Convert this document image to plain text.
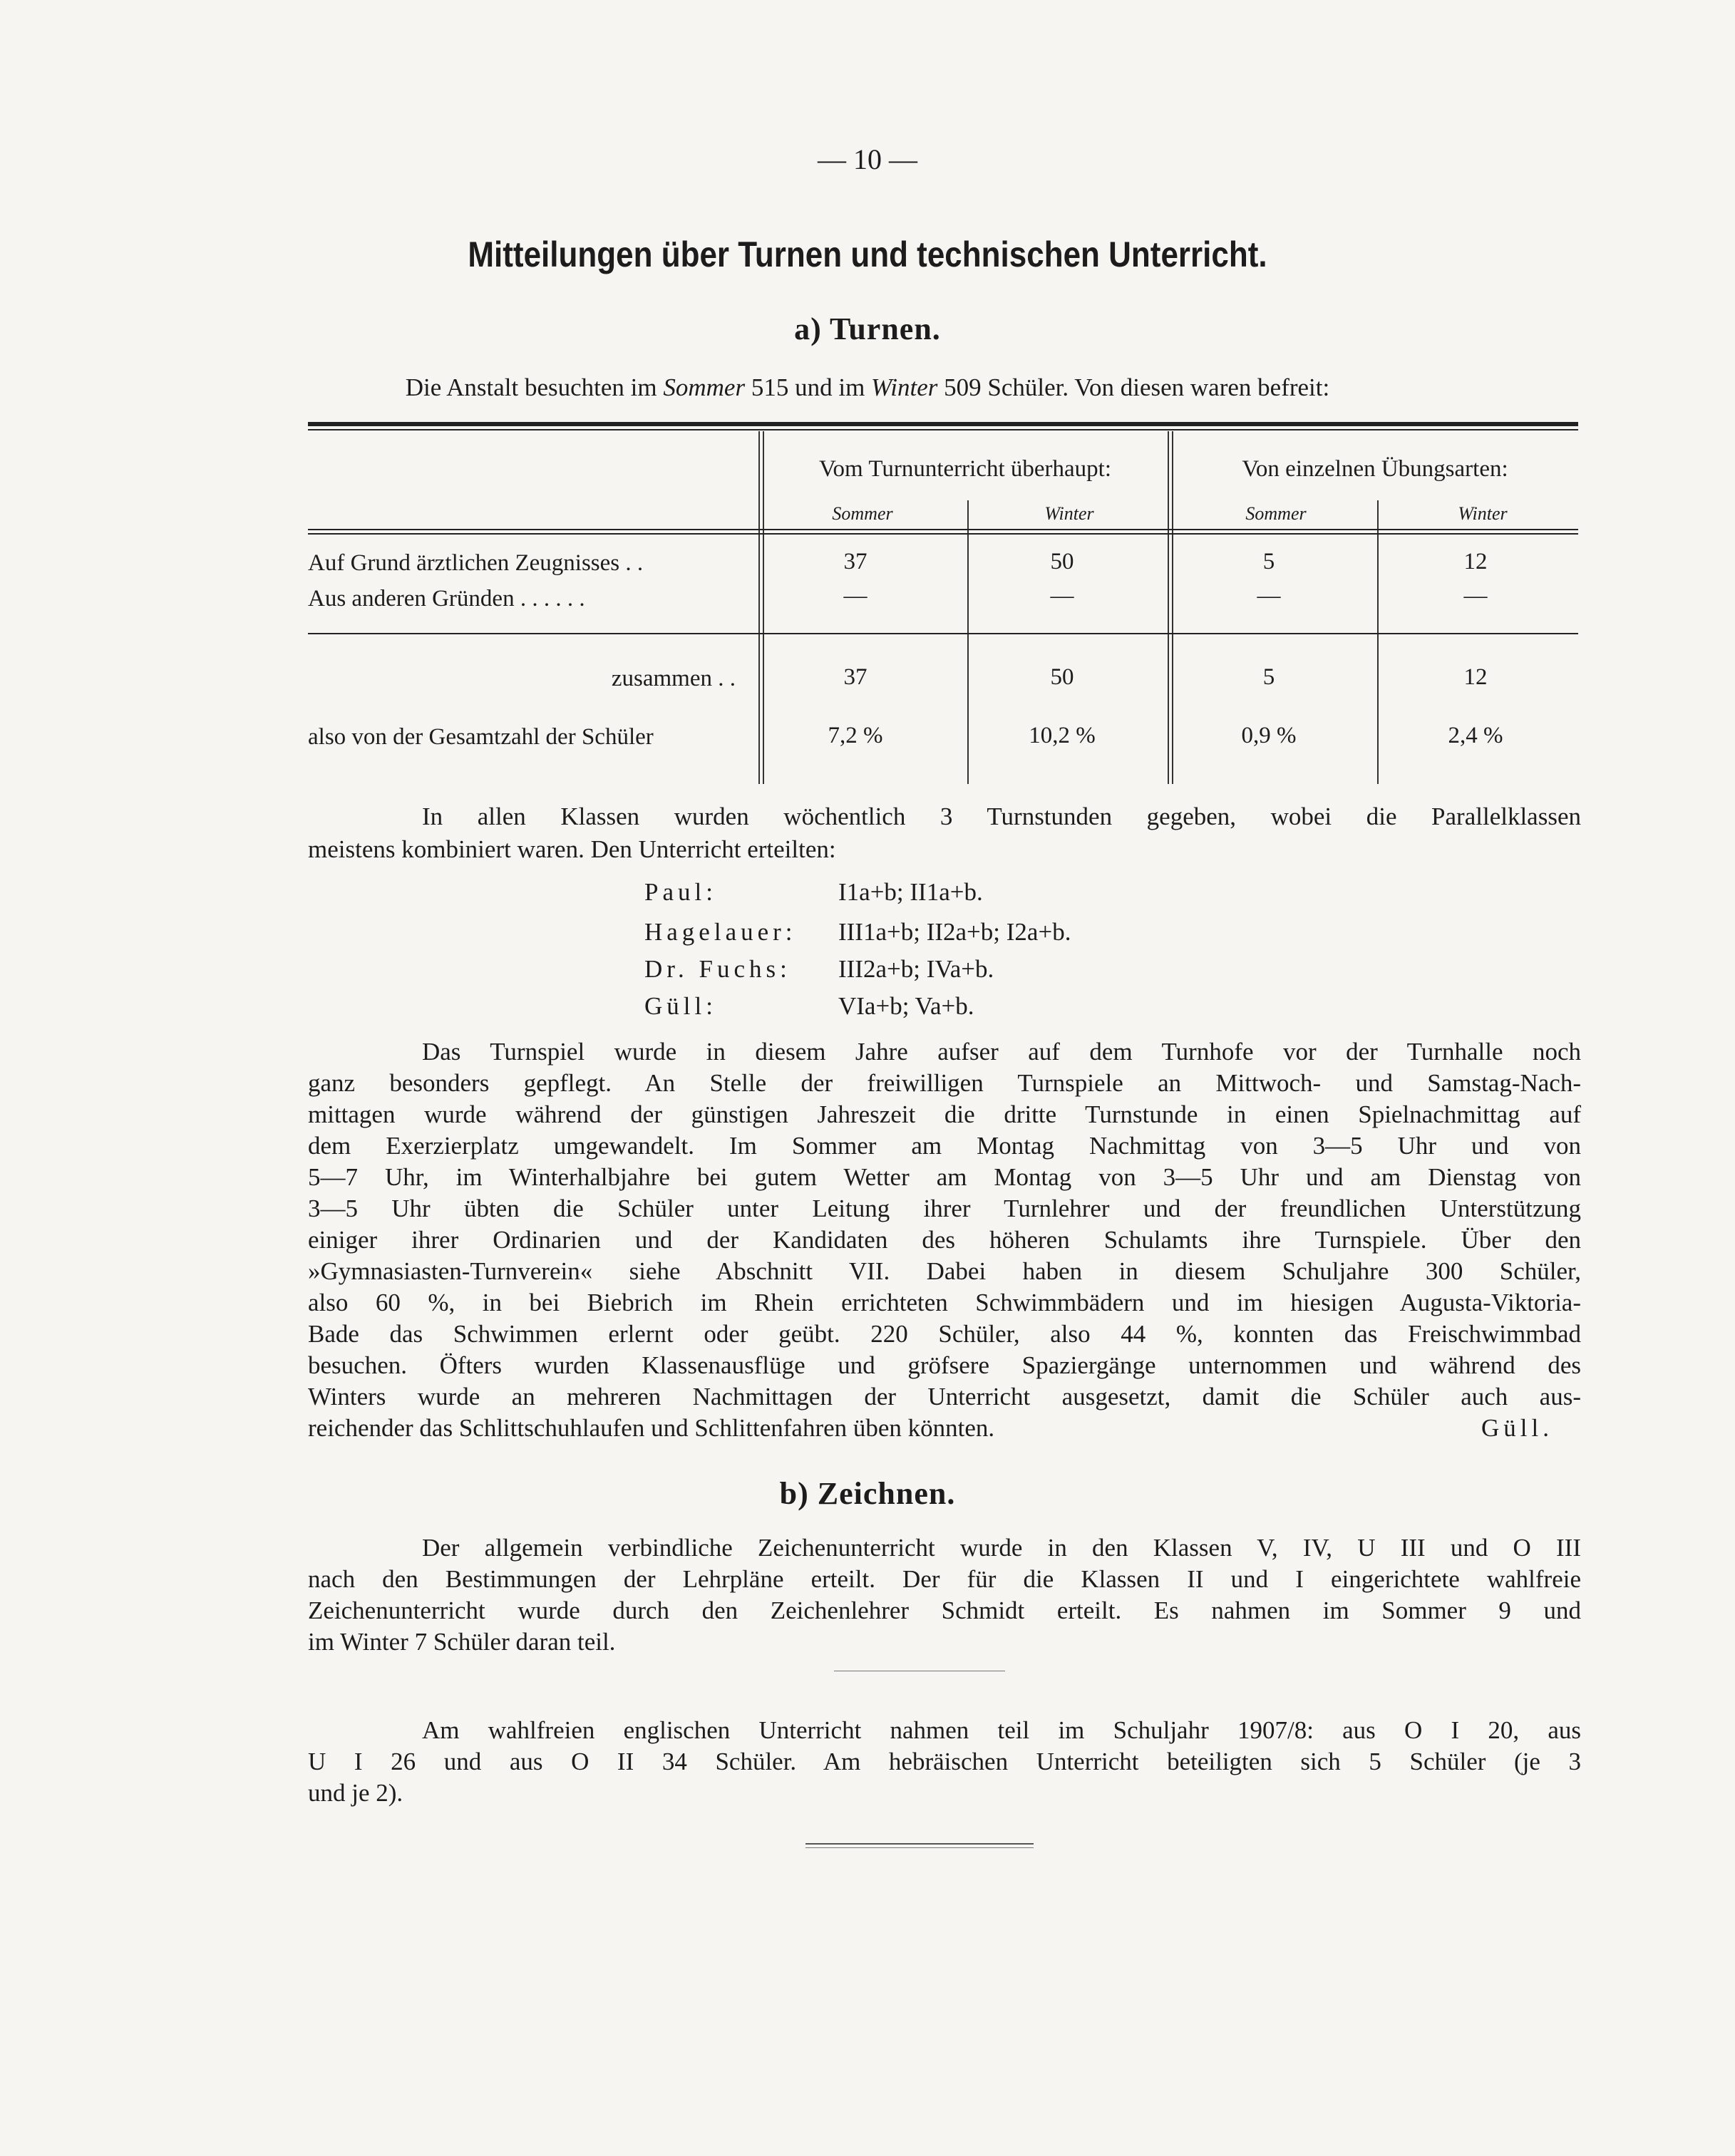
— 10 —
Mitteilungen über Turnen und technischen Unterricht.
a) Turnen.
Die Anstalt besuchten im Sommer 515 und im Winter 509 Schüler. Von diesen waren befreit:
Vom Turnunterricht überhaupt:	Von einzelnen Übungsarten:
Sommer	Winter	Sommer	Winter
Auf Grund ärztlichen Zeugnisses . .	37	50	5	12
Aus anderen Gründen . . . . . .	—	—	—	—
zusammen . .	37	50	5	12
also von der Gesamtzahl der Schüler	7,2 %	10,2 %	0,9 %	2,4 %
In allen Klassen wurden wöchentlich 3 Turnstunden gegeben, wobei die Parallelklassen
meistens kombiniert waren. Den Unterricht erteilten:
Paul:	I1a+b; II1a+b.
Hagelauer: III1a+b; II2a+b; I2a+b.
Dr. Fuchs: III2a+b; IVa+b.
Güll:	VIa+b; Va+b.
Das Turnspiel wurde in diesem Jahre aufser auf dem Turnhofe vor der Turnhalle noch
ganz besonders gepflegt. An Stelle der freiwilligen Turnspiele an Mittwoch- und Samstag-Nach-
mittagen wurde während der günstigen Jahreszeit die dritte Turnstunde in einen Spielnachmittag auf
dem Exerzierplatz umgewandelt. Im Sommer am Montag Nachmittag von 3—5 Uhr und von
5—7 Uhr, im Winterhalbjahre bei gutem Wetter am Montag von 3—5 Uhr und am Dienstag von
3—5 Uhr übten die Schüler unter Leitung ihrer Turnlehrer und der freundlichen Unterstützung
einiger ihrer Ordinarien und der Kandidaten des höheren Schulamts ihre Turnspiele. Über den
»Gymnasiasten-Turnverein« siehe Abschnitt VII. Dabei haben in diesem Schuljahre 300 Schüler,
also 60 %, in bei Biebrich im Rhein errichteten Schwimmbädern und im hiesigen Augusta-Viktoria-
Bade das Schwimmen erlernt oder geübt. 220 Schüler, also 44 %, konnten das Freischwimmbad
besuchen. Öfters wurden Klassenausflüge und gröfsere Spaziergänge unternommen und während des
Winters wurde an mehreren Nachmittagen der Unterricht ausgesetzt, damit die Schüler auch aus-
reichender das Schlittschuhlaufen und Schlittenfahren üben könnten.	Güll.
b) Zeichnen.
Der allgemein verbindliche Zeichenunterricht wurde in den Klassen V, IV, U III und O III
nach den Bestimmungen der Lehrpläne erteilt. Der für die Klassen II und I eingerichtete wahlfreie
Zeichenunterricht wurde durch den Zeichenlehrer Schmidt erteilt. Es nahmen im Sommer 9 und
im Winter 7 Schüler daran teil.
Am wahlfreien englischen Unterricht nahmen teil im Schuljahr 1907/8: aus O I 20, aus
U I 26 und aus O II 34 Schüler. Am hebräischen Unterricht beteiligten sich 5 Schüler (je 3
und je 2).
